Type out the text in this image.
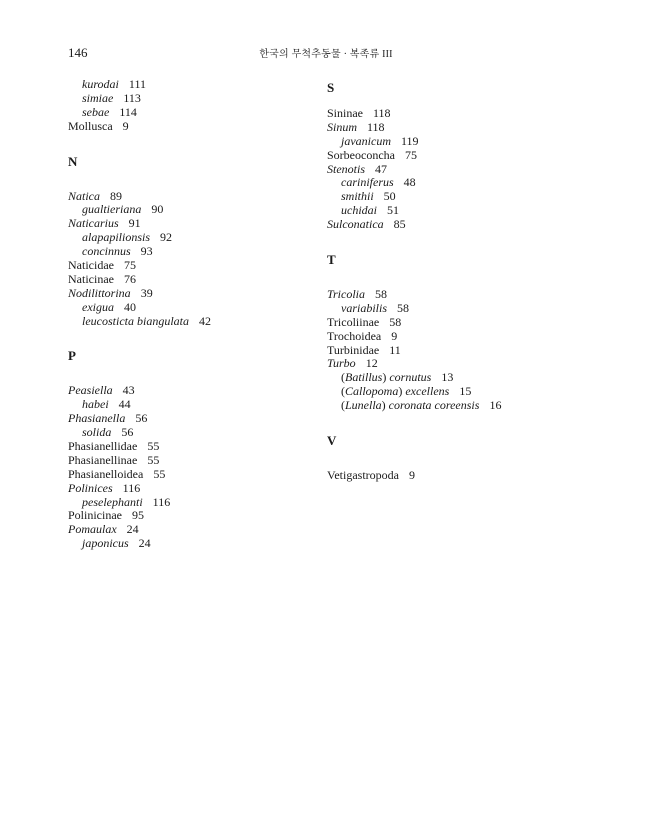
146	한국의 무척추동물 · 복족류 III
kurodai 111
simiae 113
sebae 114
Mollusca 9
N
Natica 89
gualtieriana 90
Naticarius 91
alapapilionsis 92
concinnus 93
Naticidae 75
Naticinae 76
Nodilittorina 39
exigua 40
leucosticta biangulata 42
P
Peasiella 43
habei 44
Phasianella 56
solida 56
Phasianellidae 55
Phasianellinae 55
Phasianelloidea 55
Polinices 116
peselephanti 116
Polinicinae 95
Pomaulax 24
japonicus 24
S
Sininae 118
Sinum 118
javanicum 119
Sorbeoconcha 75
Stenotis 47
cariniferus 48
smithii 50
uchidai 51
Sulconatica 85
T
Tricolia 58
variabilis 58
Tricoliinae 58
Trochoidea 9
Turbinidae 11
Turbo 12
(Batillus) cornutus 13
(Callopoma) excellens 15
(Lunella) coronata coreensis 16
V
Vetigastropoda 9
